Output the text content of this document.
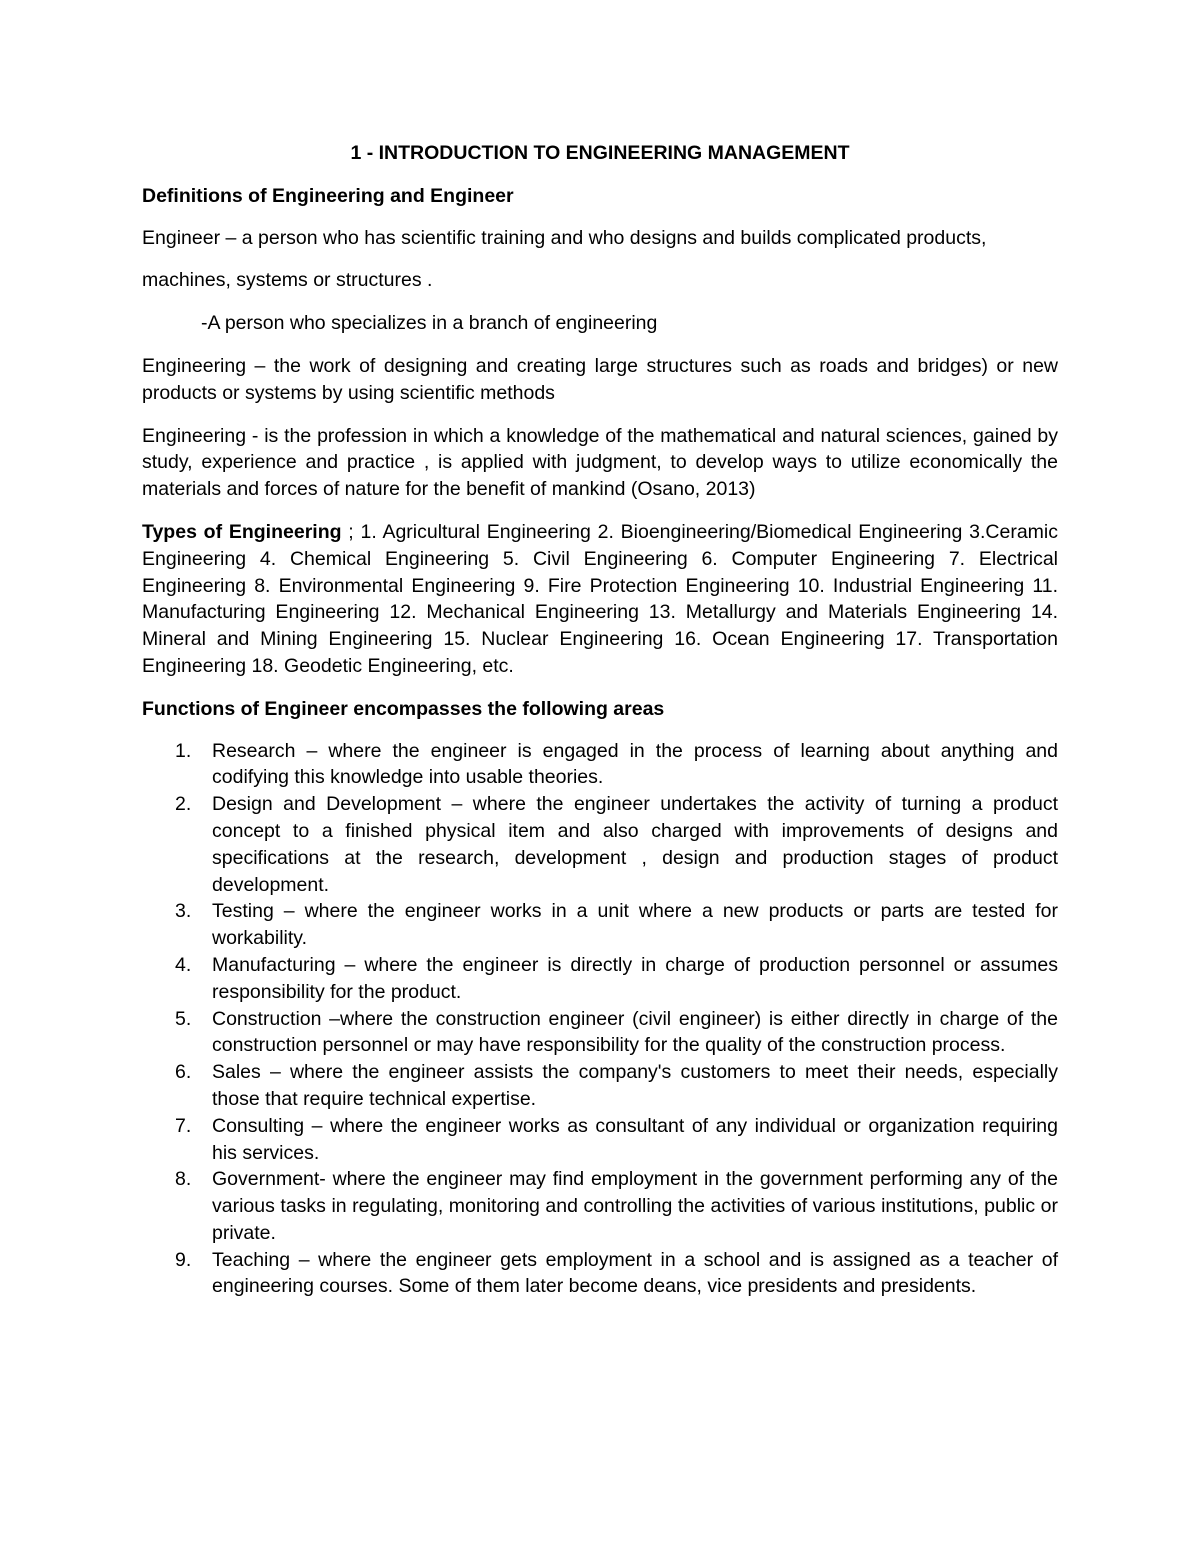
1 - INTRODUCTION TO ENGINEERING MANAGEMENT
Definitions of Engineering and Engineer

Engineer – a person who has scientific training and who designs and builds complicated products,

machines, systems or structures .

-A person who specializes in a branch of engineering

Engineering – the work of designing and creating large structures such as roads and bridges) or new products or systems by using scientific methods

Engineering - is the profession in which a knowledge of the mathematical and natural sciences, gained by study, experience and practice , is applied with judgment, to develop ways to utilize economically the materials and forces of nature for the benefit of mankind (Osano, 2013)

Types of Engineering ; 1. Agricultural Engineering 2. Bioengineering/Biomedical Engineering 3.Ceramic Engineering 4. Chemical Engineering 5. Civil Engineering 6. Computer Engineering 7. Electrical Engineering 8. Environmental Engineering 9. Fire Protection Engineering 10. Industrial Engineering 11. Manufacturing Engineering 12. Mechanical Engineering 13. Metallurgy and Materials Engineering 14. Mineral and Mining Engineering 15. Nuclear Engineering 16. Ocean Engineering 17. Transportation Engineering 18. Geodetic Engineering, etc.

Functions of Engineer encompasses the following areas
1. Research – where the engineer is engaged in the process of learning about anything and codifying this knowledge into usable theories.
2. Design and Development – where the engineer undertakes the activity of turning a product concept to a finished physical item and also charged with improvements of designs and specifications at the research, development , design and production stages of product development.
3. Testing – where the engineer works in a unit where a new products or parts are tested for workability.
4. Manufacturing – where the engineer is directly in charge of production personnel or assumes responsibility for the product.
5. Construction –where the construction engineer (civil engineer) is either directly in charge of the construction personnel or may have responsibility for the quality of the construction process.
6. Sales – where the engineer assists the company's customers to meet their needs, especially those that require technical expertise.
7. Consulting – where the engineer works as consultant of any individual or organization requiring his services.
8. Government- where the engineer may find employment in the government performing any of the various tasks in regulating, monitoring and controlling the activities of various institutions, public or private.
9. Teaching – where the engineer gets employment in a school and is assigned as a teacher of engineering courses. Some of them later become deans, vice presidents and presidents.
